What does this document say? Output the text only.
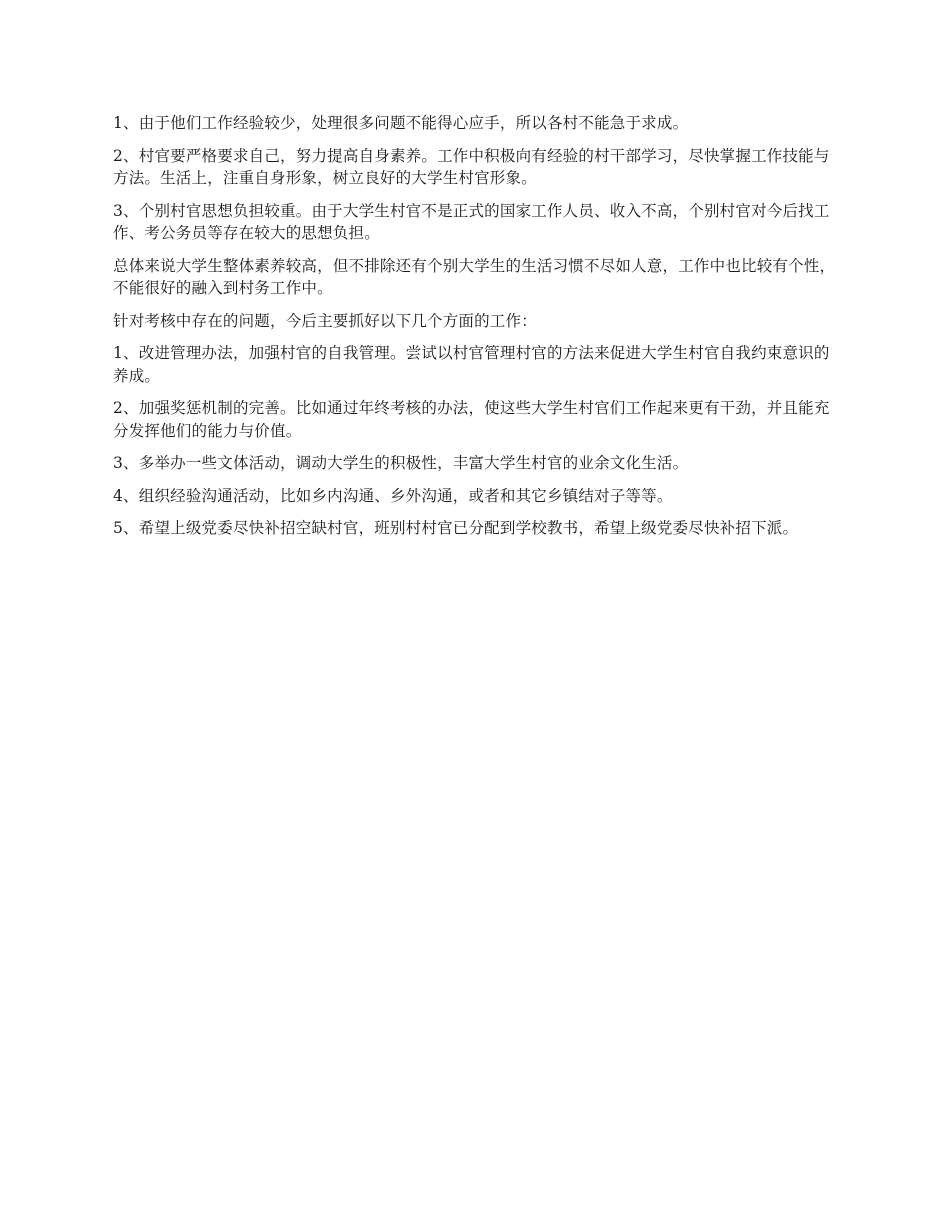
1、由于他们工作经验较少，处理很多问题不能得心应手，所以各村不能急于求成。

2、村官要严格要求自己，努力提高自身素养。工作中积极向有经验的村干部学习，尽快掌握工作技能与方法。生活上，注重自身形象，树立良好的大学生村官形象。

3、个别村官思想负担较重。由于大学生村官不是正式的国家工作人员、收入不高，个别村官对今后找工作、考公务员等存在较大的思想负担。

总体来说大学生整体素养较高，但不排除还有个别大学生的生活习惯不尽如人意，工作中也比较有个性，不能很好的融入到村务工作中。

针对考核中存在的问题，今后主要抓好以下几个方面的工作：

1、改进管理办法，加强村官的自我管理。尝试以村官管理村官的方法来促进大学生村官自我约束意识的养成。

2、加强奖惩机制的完善。比如通过年终考核的办法，使这些大学生村官们工作起来更有干劲，并且能充分发挥他们的能力与价值。

3、多举办一些文体活动，调动大学生的积极性，丰富大学生村官的业余文化生活。

4、组织经验沟通活动，比如乡内沟通、乡外沟通，或者和其它乡镇结对子等等。

5、希望上级党委尽快补招空缺村官，班别村村官已分配到学校教书，希望上级党委尽快补招下派。
